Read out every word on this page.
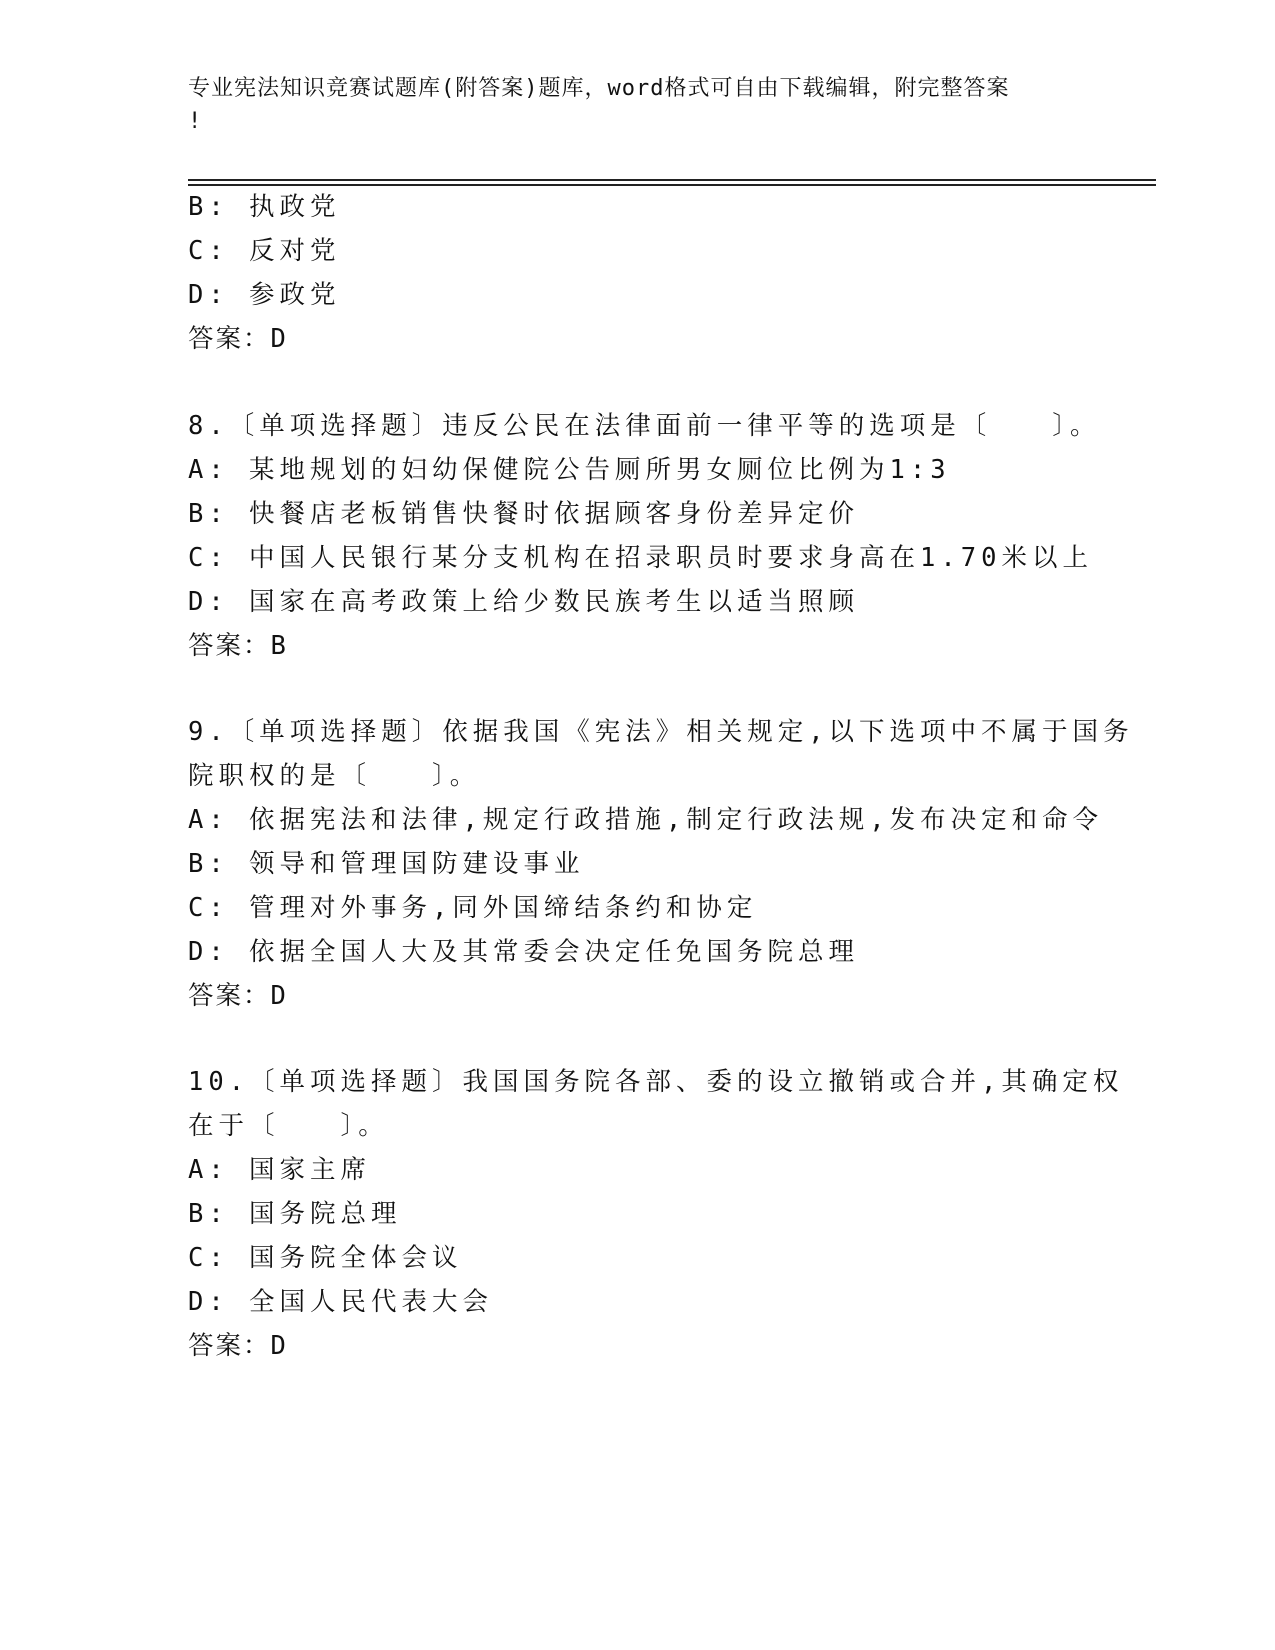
专业宪法知识竞赛试题库(附答案)题库，word格式可自由下载编辑，附完整答案
!
B: 执政党
C: 反对党
D: 参政党
答案：D
8.〔单项选择题〕违反公民在法律面前一律平等的选项是〔　　〕。
A: 某地规划的妇幼保健院公告厕所男女厕位比例为1:3
B: 快餐店老板销售快餐时依据顾客身份差异定价
C: 中国人民银行某分支机构在招录职员时要求身高在1.70米以上
D: 国家在高考政策上给少数民族考生以适当照顾
答案：B
9.〔单项选择题〕依据我国《宪法》相关规定,以下选项中不属于国务
院职权的是〔　　〕。
A: 依据宪法和法律,规定行政措施,制定行政法规,发布决定和命令
B: 领导和管理国防建设事业
C: 管理对外事务,同外国缔结条约和协定
D: 依据全国人大及其常委会决定任免国务院总理
答案：D
10.〔单项选择题〕我国国务院各部、委的设立撤销或合并,其确定权
在于〔　　〕。
A: 国家主席
B: 国务院总理
C: 国务院全体会议
D: 全国人民代表大会
答案：D
